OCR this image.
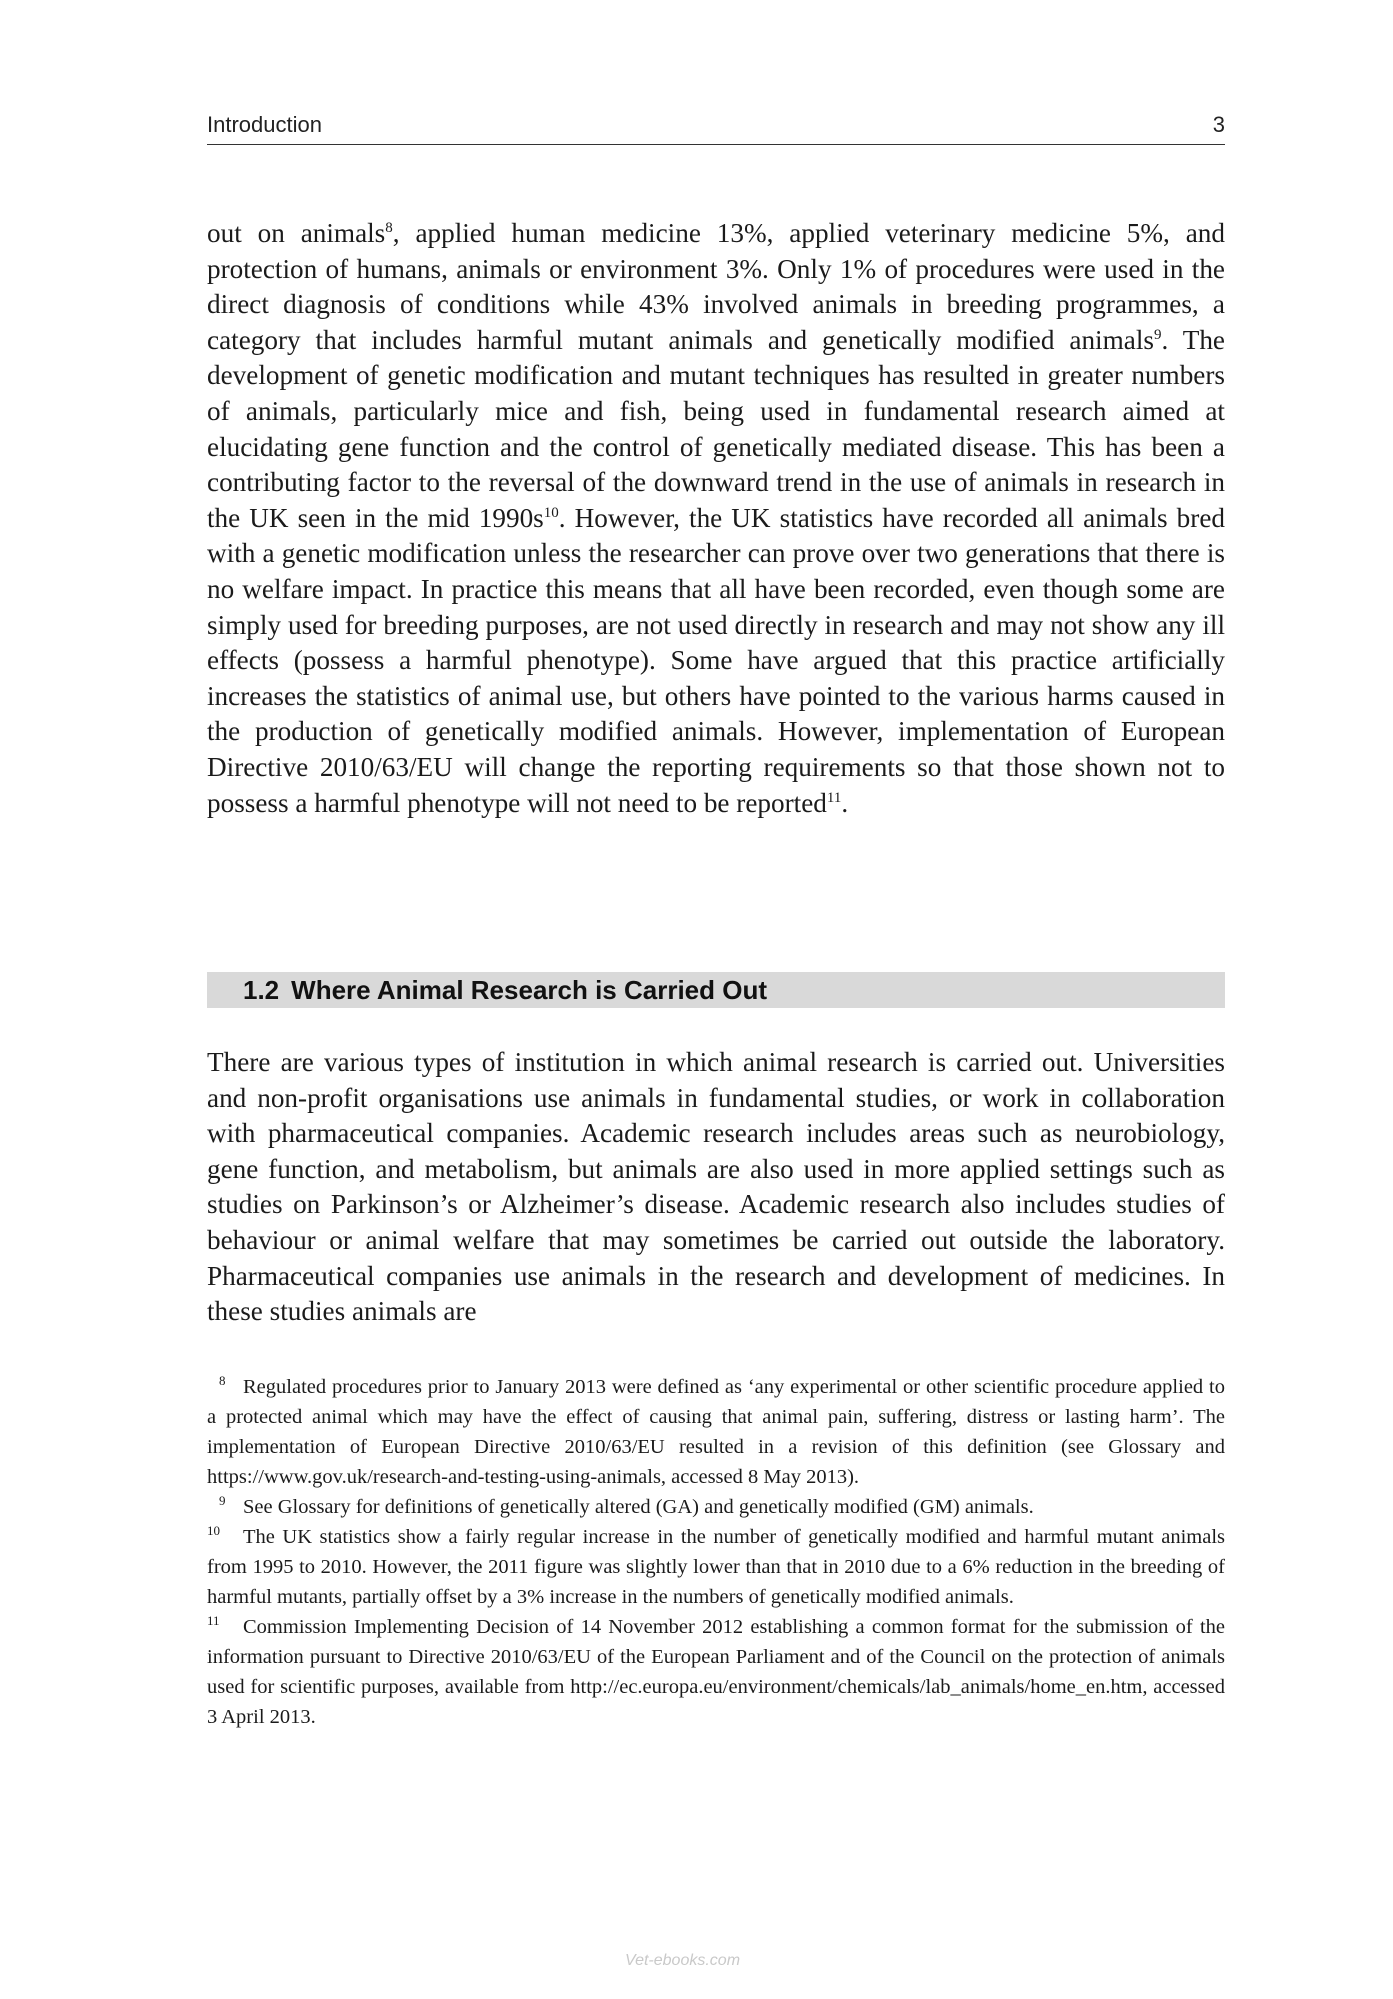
Introduction	3

out on animals$^8$, applied human medicine 13%, applied veterinary medicine 5%, and protection of humans, animals or environment 3%. Only 1% of procedures were used in the direct diagnosis of conditions while 43% involved animals in breeding programmes, a category that includes harmful mutant animals and genetically modified animals$^9$. The development of genetic modification and mutant techniques has resulted in greater numbers of animals, particularly mice and fish, being used in fundamental research aimed at elucidating gene function and the control of genetically mediated disease. This has been a contributing factor to the reversal of the downward trend in the use of animals in research in the UK seen in the mid $1990s^{10}$. However, the UK statistics have recorded all animals bred with a genetic modification unless the researcher can prove over two generations that there is no welfare impact. In practice this means that all have been recorded, even though some are simply used for breeding purposes, are not used directly in research and may not show any ill effects (possess a harmful phenotype). Some have argued that this practice artificially increases the statistics of animal use, but others have pointed to the various harms caused in the production of genetically modified animals. However, implementation of European Directive 2010/63/EU will change the reporting requirements so that those shown not to possess a harmful phenotype will not need to be reported$^{11}$.

1.2 Where Animal Research is Carried Out

There are various types of institution in which animal research is carried out. Universities and non-profit organisations use animals in fundamental studies, or work in collaboration with pharmaceutical companies. Academic research includes areas such as neurobiology, gene function, and metabolism, but animals are also used in more applied settings such as studies on Parkinson’s or Alzheimer’s disease. Academic research also includes studies of behaviour or animal welfare that may sometimes be carried out outside the laboratory. Pharmaceutical companies use animals in the research and development of medicines. In these studies animals are

8 Regulated procedures prior to January 2013 were defined as ‘any experimental or other scientific procedure applied to a protected animal which may have the effect of causing that animal pain, suffering, distress or lasting harm’. The implementation of European Directive 2010/63/EU resulted in a revision of this definition (see Glossary and https://www.gov.uk/research-and-testing-using-animals, accessed 8 May 2013).

9 See Glossary for definitions of genetically altered (GA) and genetically modified (GM) animals.

10 The UK statistics show a fairly regular increase in the number of genetically modified and harmful mutant animals from 1995 to 2010. However, the 2011 figure was slightly lower than that in 2010 due to a 6% reduction in the breeding of harmful mutants, partially offset by a 3% increase in the numbers of genetically modified animals.

11 Commission Implementing Decision of 14 November 2012 establishing a common format for the submission of the information pursuant to Directive 2010/63/EU of the European Parliament and of the Council on the protection of animals used for scientific purposes, available from http://ec.europa.eu/environment/chemicals/lab_animals/home_en.htm, accessed 3 April 2013.

Vet-ebooks.com
